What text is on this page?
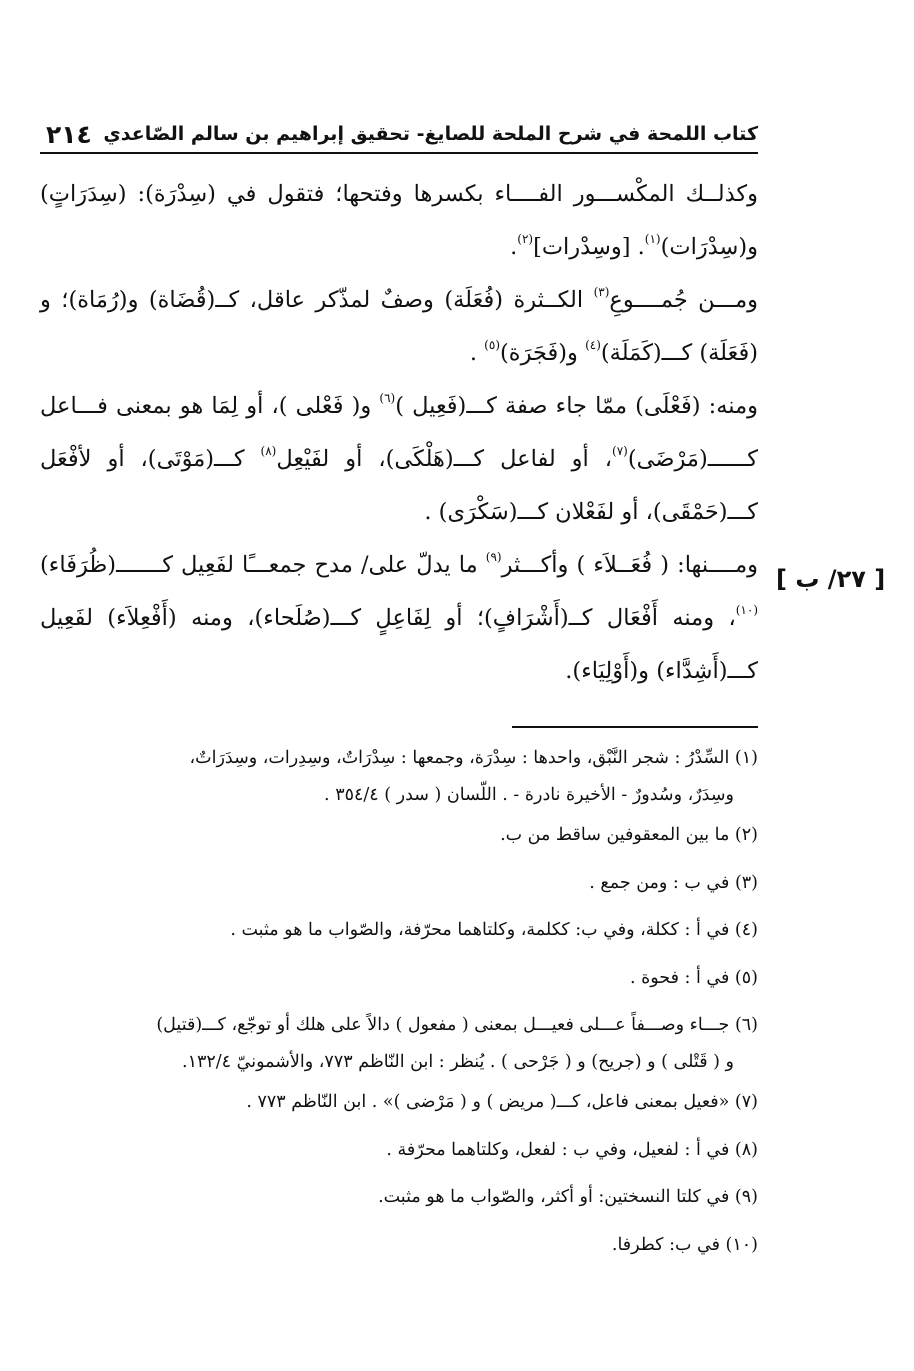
كتاب اللمحة في شرح الملحة للصايغ- تحقيق إبراهيم بن سالم الصّاعدي
٢١٤
[ ٢٧/ ب ]

وكذلــك المكْســـور الفــــاء بكسرها وفتحها؛ فتقول في (سِدْرَة): (سِدَرَاتٍ) و(سِدْرَات)$^{(١)}$. [وسِدْرات]$^{(٢)}$.

ومـــن جُمــــوعِ$^{(٣)}$ الكــثرة (فُعَلَة) وصفٌ لمذّكر عاقل، كــ(قُضَاة) و(رُمَاة)؛ و (فَعَلَة) كـــ(كَمَلَة)$^{(٤)}$ و(فَجَرَة)$^{(٥)}$ .

ومنه: (فَعْلَى) ممّا جاء صفة كـــ(فَعِيل )$^{(٦)}$ و( فَعْلى )، أو لِمَا هو بمعنى فـــاعل كــــــ(مَرْضَى)$^{(٧)}$، أو لفاعل كـــ(هَلْكَى)، أو لفَيْعِل$^{(٨)}$ كـــ(مَوْتَى)، أو لأفْعَل كـــ(حَمْقَى)، أو لفَعْلان كـــ(سَكْرَى) .

ومــــنها: ( فُعَــلاَء ) وأكـــثر$^{(٩)}$ ما يدلّ على/ مدح جمعـــًا لفَعِيل كـــــــ(ظُرَفَاء)$^{(١٠)}$، ومنه أَفْعَال كــ(أَشْرَافٍ)؛ أو لِفَاعِلٍ كـــ(صُلَحاء)، ومنه (أَفْعِلاَء) لفَعِيل كـــ(أَشِدَّاء) و(أَوْلِيَاء).

(١) السِّدْرُ : شجر النَّبْق، واحدها : سِدْرَة، وجمعها : سِدْرَاتٌ، وسِدِرات، وسِدَرَاتٌ،
وسِدَرٌ، وسُدورٌ - الأخيرة نادرة - . اللّسان ( سدر ) ٣٥٤/٤ .
(٢) ما بين المعقوفين ساقط من ب.
(٣) في ب : ومن جمع .
(٤) في أ : ككلة، وفي ب: ككلمة، وكلتاهما محرّفة، والصّواب ما هو مثبت .
(٥) في أ : فحوة .
(٦) جـــاء وصـــفاً عـــلى فعيـــل بمعنى ( مفعول ) دالاً على هلك أو توجّع، كـــ(قتيل)
و ( قَتْلى ) و (جريح) و ( جَرْحى ) . يُنظر : ابن النّاظم ٧٧٣، والأشمونيّ ١٣٢/٤.
(٧) «فعيل بمعنى فاعل، كـــ( مريض ) و ( مَرْضى )» . ابن النّاظم ٧٧٣ .
(٨) في أ : لفعيل، وفي ب : لفعل، وكلتاهما محرّفة .
(٩) في كلتا النسختين: أو أكثر، والصّواب ما هو مثبت.
(١٠) في ب: كطرفا.
